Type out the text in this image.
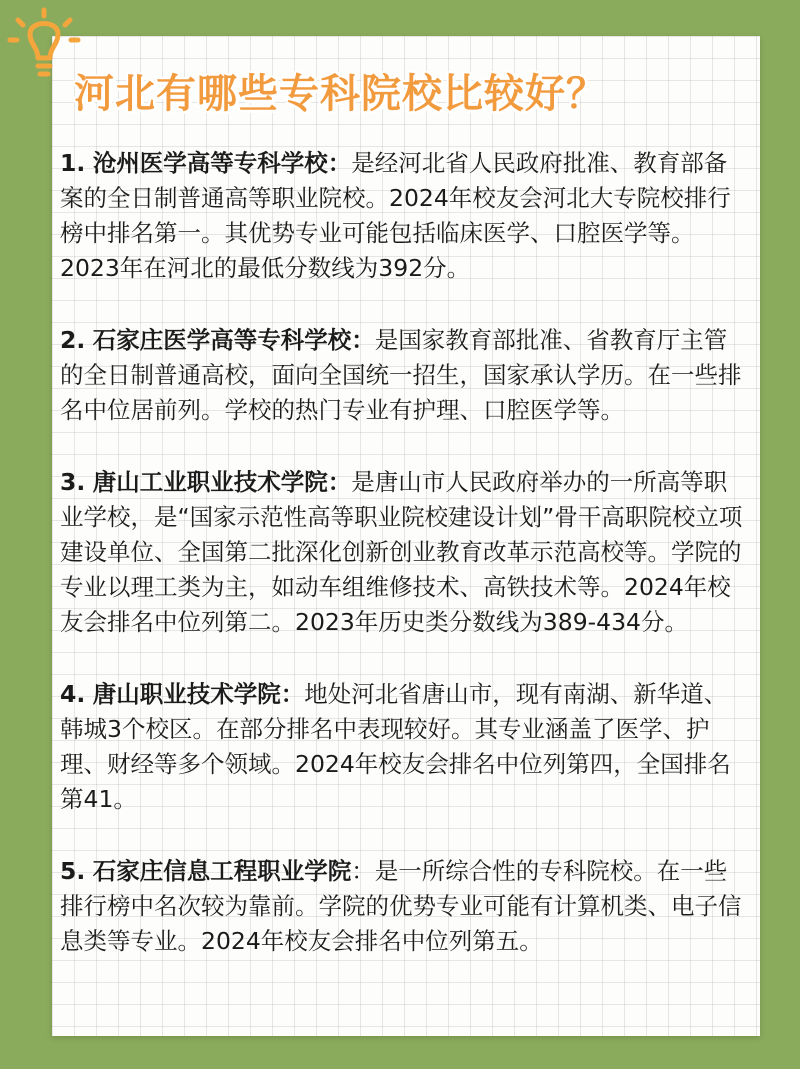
河北有哪些专科院校比较好？

1. 沧州医学高等专科学校：是经河北省人民政府批准、教育部备案的全日制普通高等职业院校。2024年校友会河北大专院校排行榜中排名第一。其优势专业可能包括临床医学、口腔医学等。2023年在河北的最低分数线为392分。

2. 石家庄医学高等专科学校：是国家教育部批准、省教育厅主管的全日制普通高校，面向全国统一招生，国家承认学历。在一些排名中位居前列。学校的热门专业有护理、口腔医学等。

3. 唐山工业职业技术学院：是唐山市人民政府举办的一所高等职业学校，是“国家示范性高等职业院校建设计划”骨干高职院校立项建设单位、全国第二批深化创新创业教育改革示范高校等。学院的专业以理工类为主，如动车组维修技术、高铁技术等。2024年校友会排名中位列第二。2023年历史类分数线为389-434分。

4. 唐山职业技术学院：地处河北省唐山市，现有南湖、新华道、韩城3个校区。在部分排名中表现较好。其专业涵盖了医学、护理、财经等多个领域。2024年校友会排名中位列第四，全国排名第41。

5. 石家庄信息工程职业学院：是一所综合性的专科院校。在一些排行榜中名次较为靠前。学院的优势专业可能有计算机类、电子信息类等专业。2024年校友会排名中位列第五。
